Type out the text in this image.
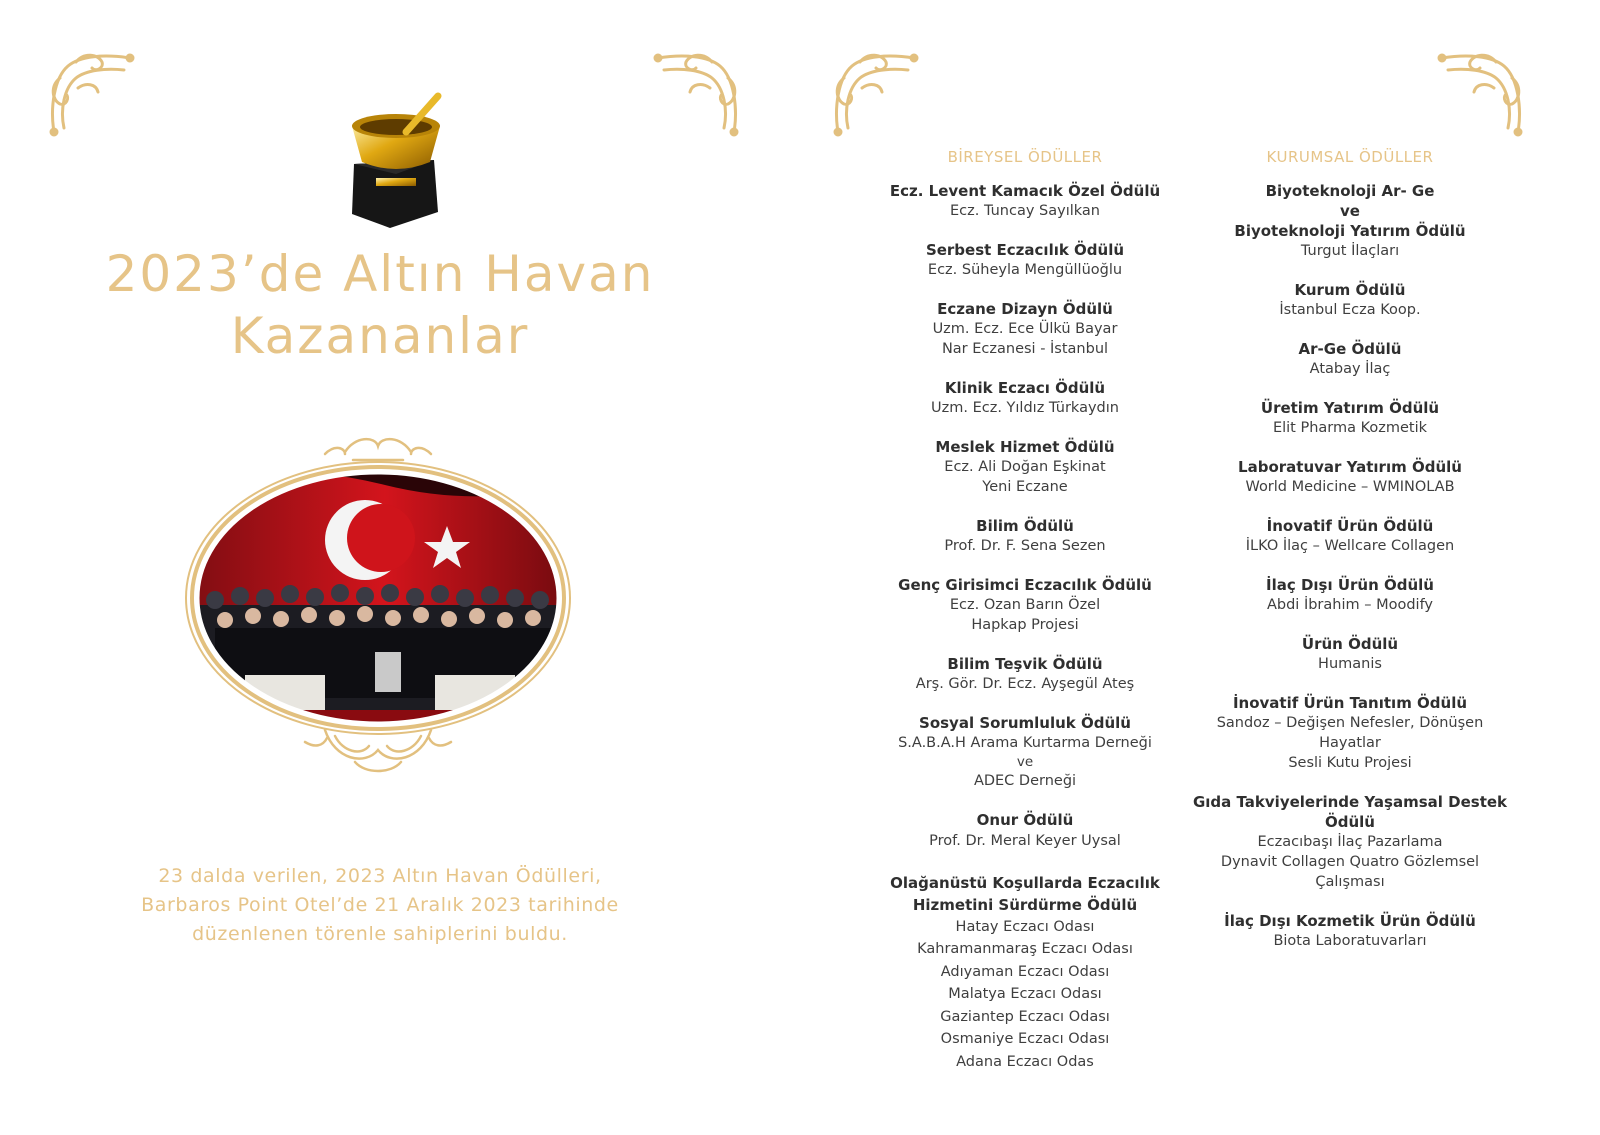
2023’de Altın Havan
Kazananlar
23 dalda verilen, 2023 Altın Havan Ödülleri,
Barbaros Point Otel’de 21 Aralık 2023 tarihinde
düzenlenen törenle sahiplerini buldu.
BİREYSEL ÖDÜLLER
Ecz. Levent Kamacık Özel Ödülü
Ecz. Tuncay Sayılkan
Serbest Eczacılık Ödülü
Ecz. Süheyla Mengüllüoğlu
Eczane Dizayn Ödülü
Uzm. Ecz. Ece Ülkü Bayar
Nar Eczanesi - İstanbul
Klinik Eczacı Ödülü
Uzm. Ecz. Yıldız Türkaydın
Meslek Hizmet Ödülü
Ecz. Ali Doğan Eşkinat
Yeni Eczane
Bilim Ödülü
Prof. Dr. F. Sena Sezen
Genç Girisimci Eczacılık Ödülü
Ecz. Ozan Barın Özel
Hapkap Projesi
Bilim Teşvik Ödülü
Arş. Gör. Dr. Ecz. Ayşegül Ateş
Sosyal Sorumluluk Ödülü
S.A.B.A.H Arama Kurtarma Derneği
ve
ADEC Derneği
Onur Ödülü
Prof. Dr. Meral Keyer Uysal
Olağanüstü Koşullarda Eczacılık Hizmetini Sürdürme Ödülü
Hatay Eczacı Odası
Kahramanmaraş Eczacı Odası
Adıyaman Eczacı Odası
Malatya Eczacı Odası
Gaziantep Eczacı Odası
Osmaniye Eczacı Odası
Adana Eczacı Odas
KURUMSAL ÖDÜLLER
Biyoteknoloji Ar- Ge
ve
Biyoteknoloji Yatırım Ödülü
Turgut İlaçları
Kurum Ödülü
İstanbul Ecza Koop.
Ar-Ge Ödülü
Atabay İlaç
Üretim Yatırım Ödülü
Elit Pharma Kozmetik
Laboratuvar Yatırım Ödülü
World Medicine – WMINOLAB
İnovatif Ürün Ödülü
İLKO İlaç – Wellcare Collagen
İlaç Dışı Ürün Ödülü
Abdi İbrahim – Moodify
Ürün Ödülü
Humanis
İnovatif Ürün Tanıtım Ödülü
Sandoz – Değişen Nefesler, Dönüşen Hayatlar
Sesli Kutu Projesi
Gıda Takviyelerinde Yaşamsal Destek Ödülü
Eczacıbaşı İlaç Pazarlama
Dynavit Collagen Quatro Gözlemsel Çalışması
İlaç Dışı Kozmetik Ürün Ödülü
Biota Laboratuvarları
